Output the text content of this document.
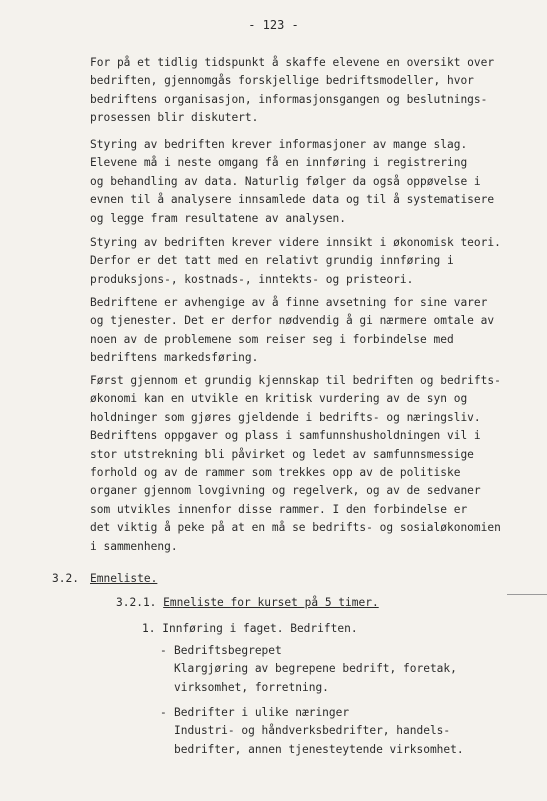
- 123 -
For på et tidlig tidspunkt å skaffe elevene en oversikt over
bedriften, gjennomgås forskjellige bedriftsmodeller, hvor
bedriftens organisasjon, informasjonsgangen og beslutnings-
prosessen blir diskutert.
Styring av bedriften krever informasjoner av mange slag.
Elevene må i neste omgang få en innføring i registrering
og behandling av data. Naturlig følger da også oppøvelse i
evnen til å analysere innsamlede data og til å systematisere
og legge fram resultatene av analysen.
Styring av bedriften krever videre innsikt i økonomisk teori.
Derfor er det tatt med en relativt grundig innføring i
produksjons-, kostnads-, inntekts- og pristeori.
Bedriftene er avhengige av å finne avsetning for sine varer
og tjenester. Det er derfor nødvendig å gi nærmere omtale av
noen av de problemene som reiser seg i forbindelse med
bedriftens markedsføring.
Først gjennom et grundig kjennskap til bedriften og bedrifts-
økonomi kan en utvikle en kritisk vurdering av de syn og
holdninger som gjøres gjeldende i bedrifts- og næringsliv.
Bedriftens oppgaver og plass i samfunnshusholdningen vil i
stor utstrekning bli påvirket og ledet av samfunnsmessige
forhold og av de rammer som trekkes opp av de politiske
organer gjennom lovgivning og regelverk, og av de sedvaner
som utvikles innenfor disse rammer. I den forbindelse er
det viktig å peke på at en må se bedrifts- og sosialøkonomien
i sammenheng.
3.2. Emneliste.
3.2.1. Emneliste for kurset på 5 timer.
1. Innføring i faget. Bedriften.
- Bedriftsbegrepet
Klargjøring av begrepene bedrift, foretak,
virksomhet, forretning.
- Bedrifter i ulike næringer
Industri- og håndverksbedrifter, handels-
bedrifter, annen tjenesteytende virksomhet.
